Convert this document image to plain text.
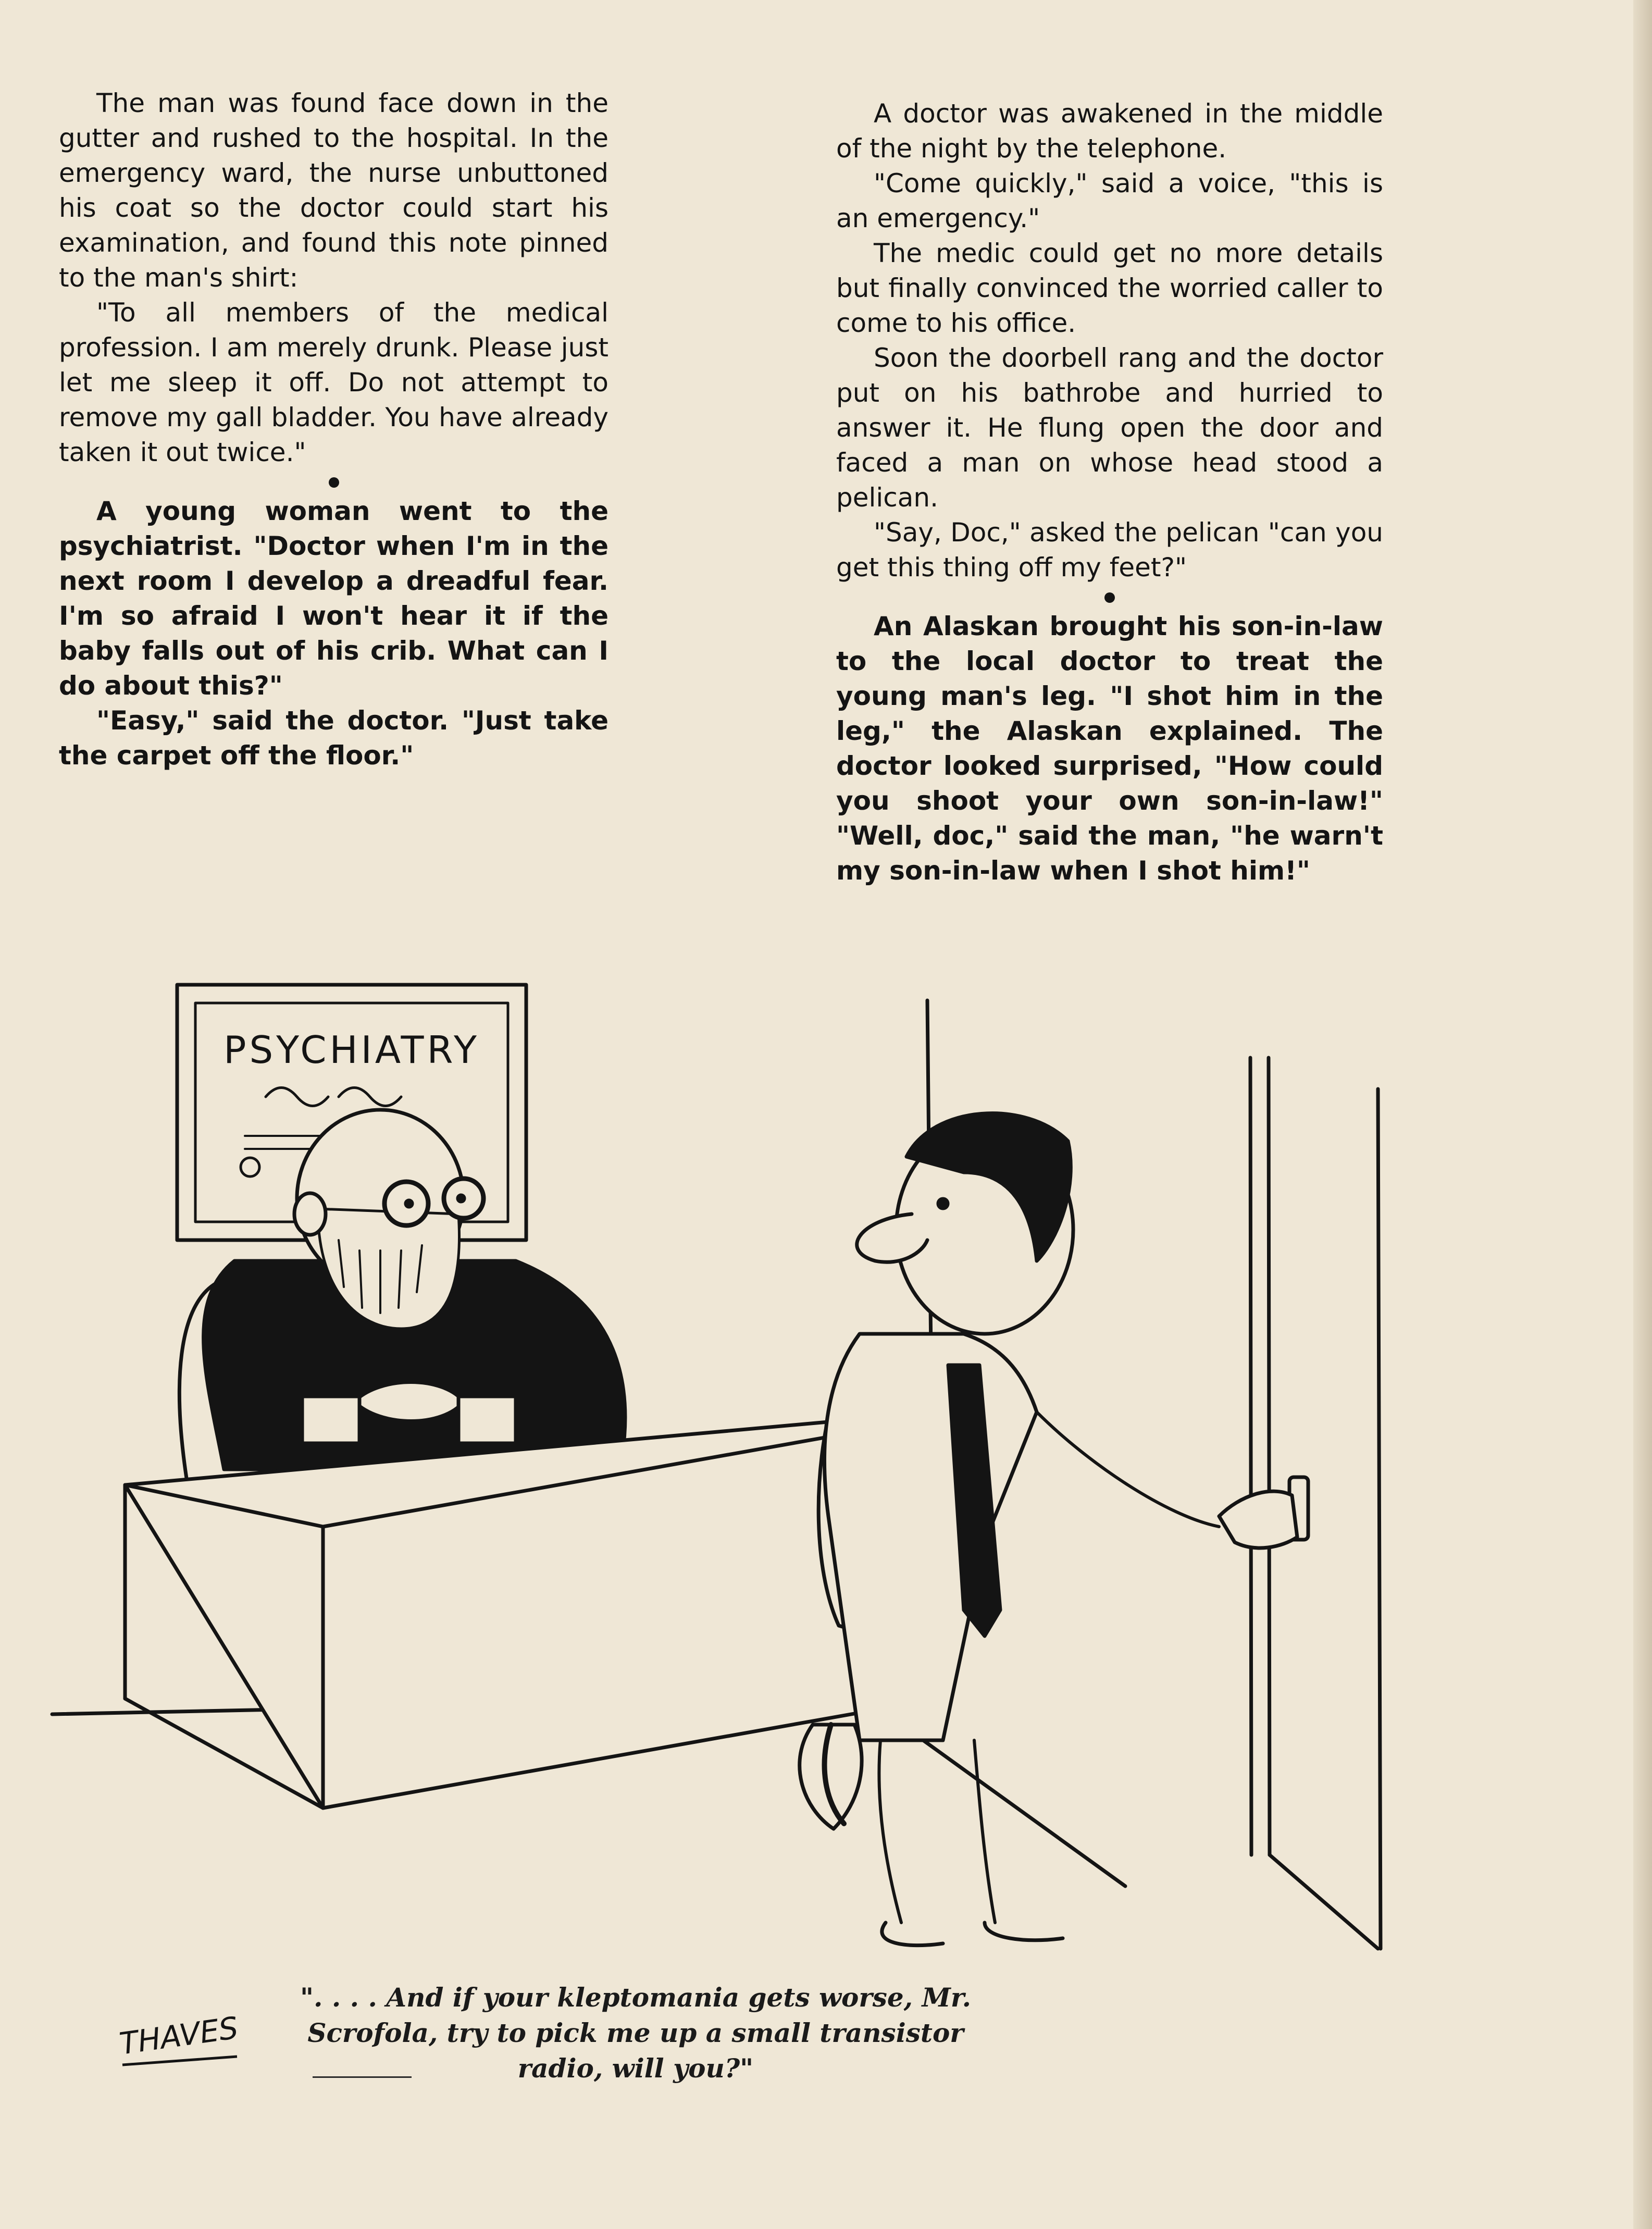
The man was found face down in the gutter and rushed to the hospital. In the emergency ward, the nurse unbuttoned his coat so the doctor could start his examination, and found this note pinned to the man's shirt:

"To all members of the medical profession. I am merely drunk. Please just let me sleep it off. Do not attempt to remove my gall bladder. You have already taken it out twice."

A young woman went to the psychiatrist. "Doctor when I'm in the next room I develop a dreadful fear. I'm so afraid I won't hear it if the baby falls out of his crib. What can I do about this?"

"Easy," said the doctor. "Just take the carpet off the floor."

A doctor was awakened in the middle of the night by the telephone.

"Come quickly," said a voice, "this is an emergency."

The medic could get no more details but finally convinced the worried caller to come to his office.

Soon the doorbell rang and the doctor put on his bathrobe and hurried to answer it. He flung open the door and faced a man on whose head stood a pelican.

"Say, Doc," asked the pelican "can you get this thing off my feet?"

An Alaskan brought his son-in-law to the local doctor to treat the young man's leg. "I shot him in the leg," the Alaskan explained. The doctor looked surprised, "How could you shoot your own son-in-law!" "Well, doc," said the man, "he warn't my son-in-law when I shot him!"

PSYCHIATRY
THAVES
". . . . And if your kleptomania gets worse, Mr. Scrofola, try to pick me up a small transistor radio, will you?"
